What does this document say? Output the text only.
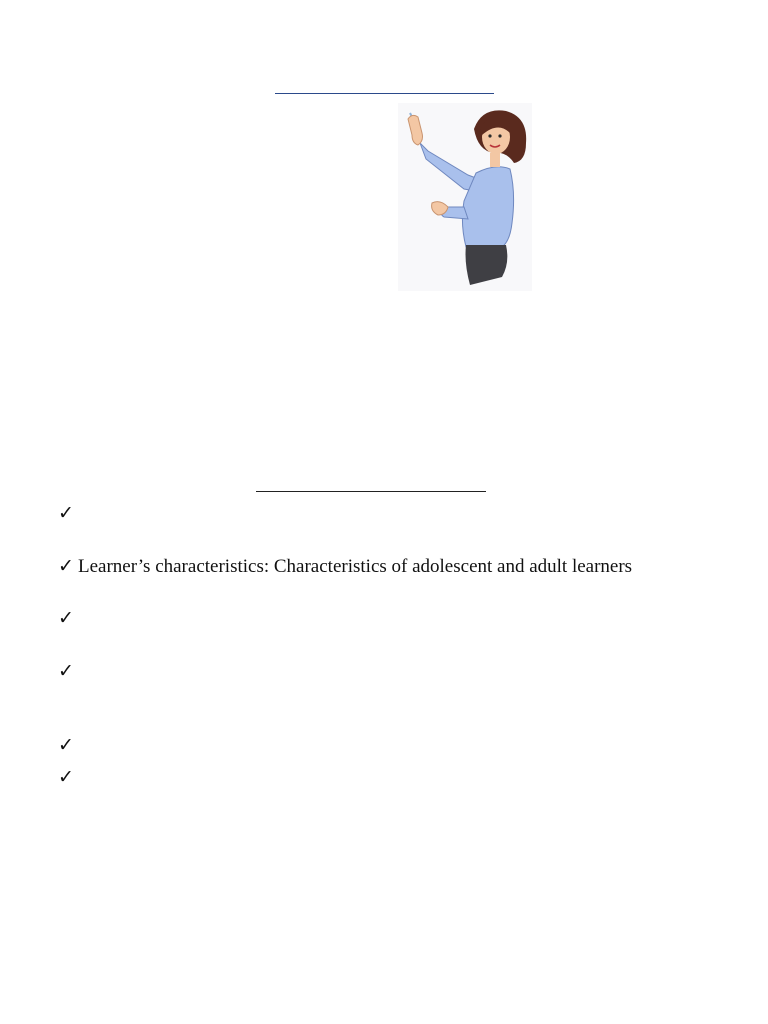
✓
✓ Learner’s characteristics: Characteristics of adolescent and adult learners
✓
✓
✓
✓
